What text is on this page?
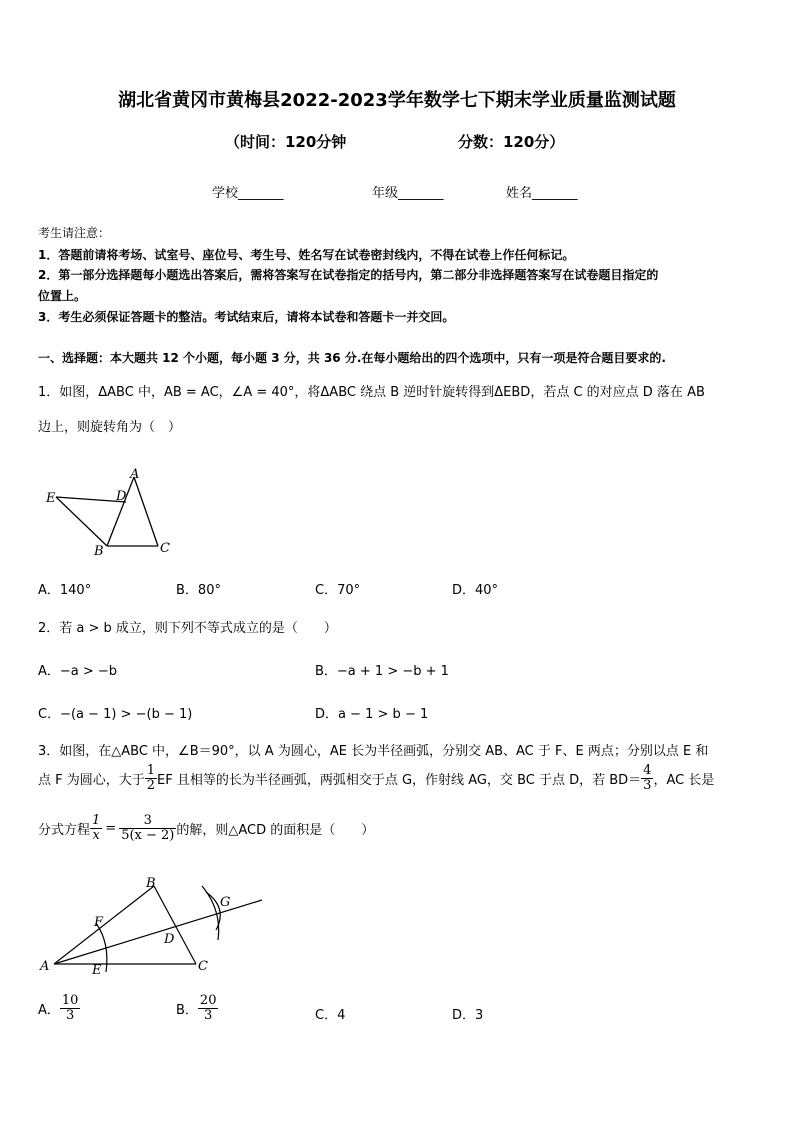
湖北省黄冈市黄梅县2022-2023学年数学七下期末学业质量监测试题
（时间：120分钟	分数：120分）
学校_______	年级_______	姓名_______
考生请注意：
1．答题前请将考场、试室号、座位号、考生号、姓名写在试卷密封线内，不得在试卷上作任何标记。
2．第一部分选择题每小题选出答案后，需将答案写在试卷指定的括号内，第二部分非选择题答案写在试卷题目指定的
位置上。
3．考生必须保证答题卡的整洁。考试结束后，请将本试卷和答题卡一并交回。
一、选择题：本大题共 12 个小题，每小题 3 分，共 36 分.在每小题给出的四个选项中，只有一项是符合题目要求的.
1．如图，ΔABC 中，AB = AC，∠A = 40°，将ΔABC 绕点 B 逆时针旋转得到ΔEBD，若点 C 的对应点 D 落在 AB
边上，则旋转角为（　）
A
E	D
B	C
A．140°	B．80°	C．70°	D．40°
2．若 a > b 成立，则下列不等式成立的是（　　）
A．−a > −b	B．−a + 1 > −b + 1
C．−(a − 1) > −(b − 1)	D．a − 1 > b − 1
3．如图，在△ABC 中，∠B＝90°，以 A 为圆心，AE 长为半径画弧，分别交 AB、AC 于 F、E 两点；分别以点 E 和
点 F 为圆心，大于 $\frac{1}{2}$ EF 且相等的长为半径画弧，两弧相交于点 G，作射线 AG，交 BC 于点 D，若 $BD= \frac{4}{3}$ ，AC 长是
分式方程 $\frac{1}{x} = \frac{3}{5(x - 2)}$ 的解，则△ACD 的面积是（　　）
B
F
G
D
A	E	C
A． $\frac{10}{3}$	B． $\frac{20}{3}$	C．4	D．3
